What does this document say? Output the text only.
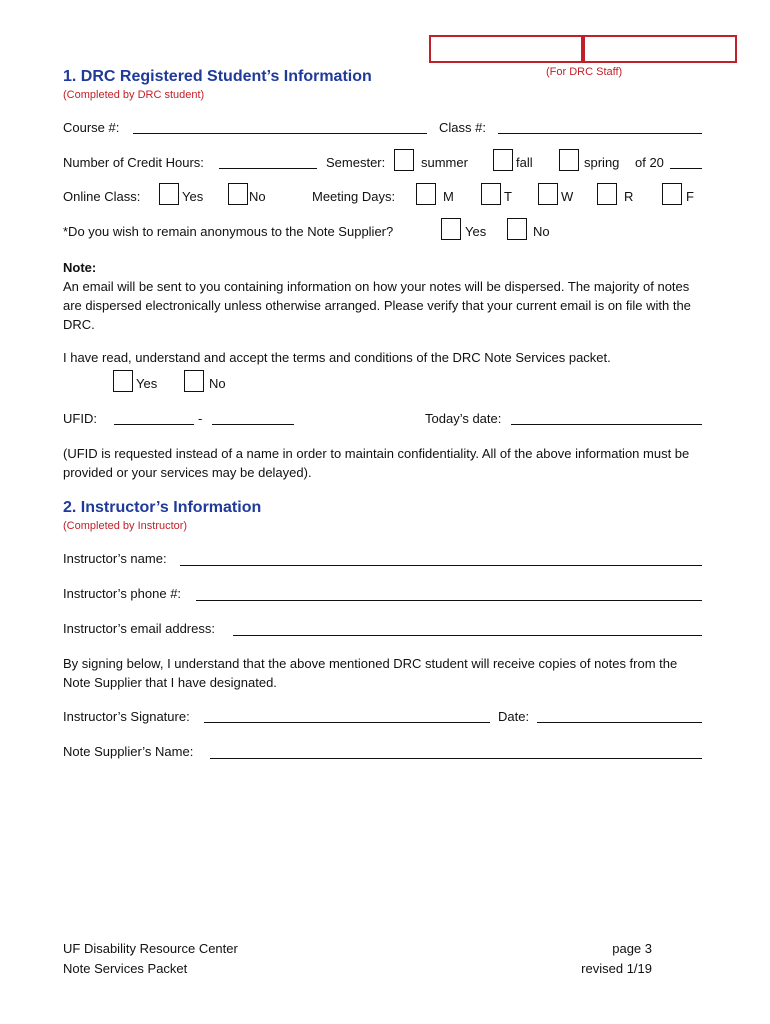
(For DRC Staff)
1. DRC Registered Student’s Information
(Completed by DRC student)
Course #:	Class #:
Number of Credit Hours:	Semester:	summer	fall	spring of 20
Online Class:	Yes	No	Meeting Days:	M	T	W	R	F
*Do you wish to remain anonymous to the Note Supplier?	Yes	No
Note:
An email will be sent to you containing information on how your notes will be dispersed. The majority of notes are dispersed electronically unless otherwise arranged. Please verify that your current email is on file with the DRC.
I have read, understand and accept the terms and conditions of the DRC Note Services packet.
Yes	No
UFID:	-	Today’s date:
(UFID is requested instead of a name in order to maintain confidentiality. All of the above information must be provided or your services may be delayed).
2. Instructor’s Information
(Completed by Instructor)
Instructor’s name:
Instructor’s phone #:
Instructor’s email address:
By signing below, I understand that the above mentioned DRC student will receive copies of notes from the Note Supplier that I have designated.
Instructor’s Signature:	Date:
Note Supplier’s Name:
UF Disability Resource Center
Note Services Packet
page 3
revised 1/19
